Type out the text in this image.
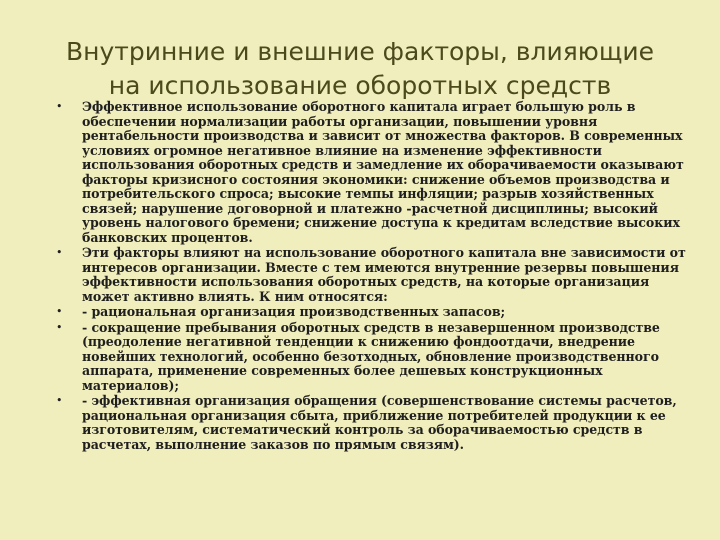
Внутринние и внешние факторы, влияющие
на использование оборотных средств
• Эффективное использование оборотного капитала играет большую роль в обеспечении нормализации работы организации, повышении уровня рентабельности производства и зависит от множества факторов. В современных условиях огромное негативное влияние на изменение эффективности использования оборотных средств и замедление их оборачиваемости оказывают факторы кризисного состояния экономики: снижение объемов производства и потребительского спроса; высокие темпы инфляции; разрыв хозяйственных связей; нарушение договорной и платежно -расчетной дисциплины; высокий уровень налогового бремени; снижение доступа к кредитам вследствие высоких банковских процентов.
• Эти факторы влияют на использование оборотного капитала вне зависимости от интересов организации. Вместе с тем имеются внутренние резервы повышения эффективности использования оборотных средств, на которые организация может активно влиять. К ним относятся:
• - рациональная организация производственных запасов;
• - сокращение пребывания оборотных средств в незавершенном производстве (преодоление негативной тенденции к снижению фондоотдачи, внедрение новейших технологий, особенно безотходных, обновление производственного аппарата, применение современных более дешевых конструкционных материалов);
• - эффективная организация обращения (совершенствование системы расчетов, рациональная организация сбыта, приближение потребителей продукции к ее изготовителям, систематический контроль за оборачиваемостью средств в расчетах, выполнение заказов по прямым связям).
